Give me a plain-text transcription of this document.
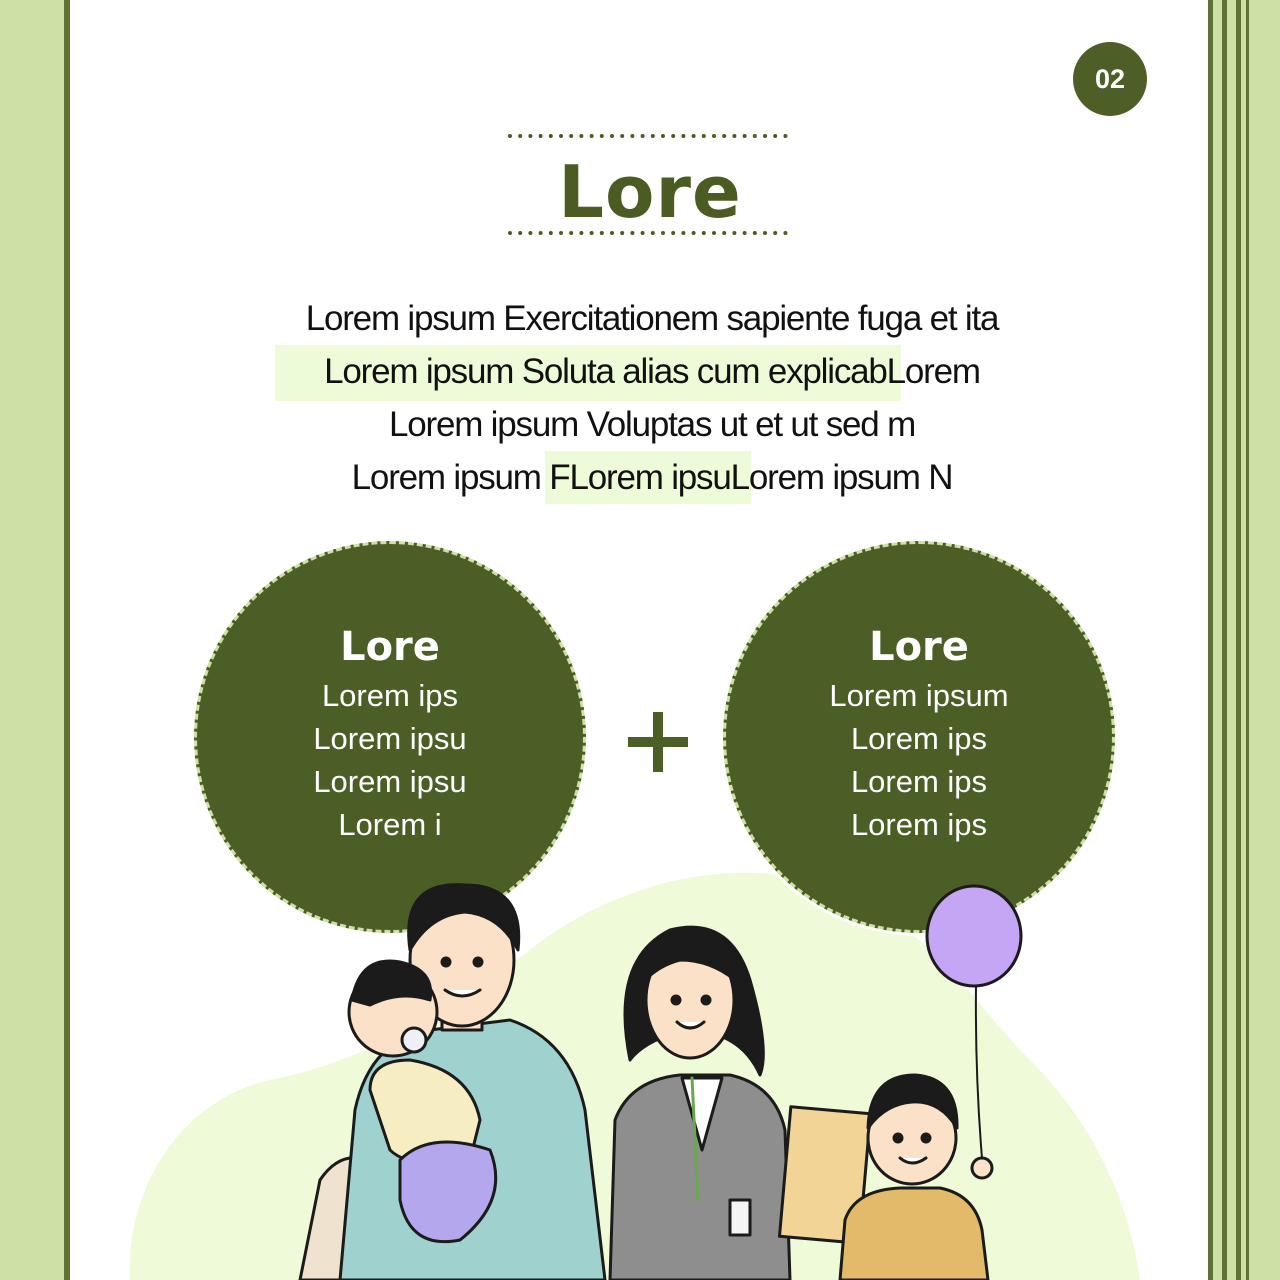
02
Lore
Lorem ipsum Exercitationem sapiente fuga et ita
Lorem ipsum Soluta alias cum explicabLorem
Lorem ipsum Voluptas ut et ut sed m
Lorem ipsum FLorem ipsuLorem ipsum N
Lore
Lorem ips
Lorem ipsu
Lorem ipsu
Lorem i
Lore
Lorem ipsum
Lorem ips
Lorem ips
Lorem ips
